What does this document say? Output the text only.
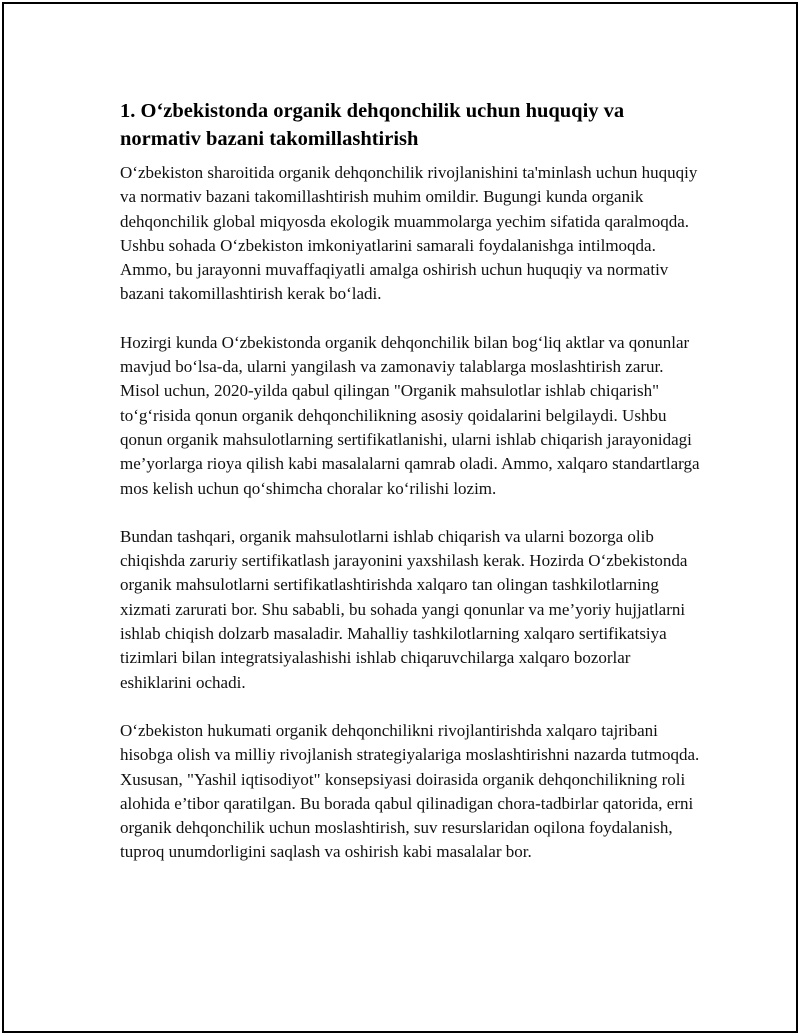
1. O‘zbekistonda organik dehqonchilik uchun huquqiy va normativ bazani takomillashtirish

O‘zbekiston sharoitida organik dehqonchilik rivojlanishini ta'minlash uchun huquqiy va normativ bazani takomillashtirish muhim omildir. Bugungi kunda organik dehqonchilik global miqyosda ekologik muammolarga yechim sifatida qaralmoqda. Ushbu sohada O‘zbekiston imkoniyatlarini samarali foydalanishga intilmoqda. Ammo, bu jarayonni muvaffaqiyatli amalga oshirish uchun huquqiy va normativ bazani takomillashtirish kerak bo‘ladi.

Hozirgi kunda O‘zbekistonda organik dehqonchilik bilan bog‘liq aktlar va qonunlar mavjud bo‘lsa-da, ularni yangilash va zamonaviy talablarga moslashtirish zarur. Misol uchun, 2020-yilda qabul qilingan "Organik mahsulotlar ishlab chiqarish" to‘g‘risida qonun organik dehqonchilikning asosiy qoidalarini belgilaydi. Ushbu qonun organik mahsulotlarning sertifikatlanishi, ularni ishlab chiqarish jarayonidagi me’yorlarga rioya qilish kabi masalalarni qamrab oladi. Ammo, xalqaro standartlarga mos kelish uchun qo‘shimcha choralar ko‘rilishi lozim.

Bundan tashqari, organik mahsulotlarni ishlab chiqarish va ularni bozorga olib chiqishda zaruriy sertifikatlash jarayonini yaxshilash kerak. Hozirda O‘zbekistonda organik mahsulotlarni sertifikatlashtirishda xalqaro tan olingan tashkilotlarning xizmati zarurati bor. Shu sababli, bu sohada yangi qonunlar va me’yoriy hujjatlarni ishlab chiqish dolzarb masaladir. Mahalliy tashkilotlarning xalqaro sertifikatsiya tizimlari bilan integratsiyalashishi ishlab chiqaruvchilarga xalqaro bozorlar eshiklarini ochadi.

O‘zbekiston hukumati organik dehqonchilikni rivojlantirishda xalqaro tajribani hisobga olish va milliy rivojlanish strategiyalariga moslashtirishni nazarda tutmoqda. Xususan, "Yashil iqtisodiyot" konsepsiyasi doirasida organik dehqonchilikning roli alohida e’tibor qaratilgan. Bu borada qabul qilinadigan chora-tadbirlar qatorida, erni organik dehqonchilik uchun moslashtirish, suv resurslaridan oqilona foydalanish, tuproq unumdorligini saqlash va oshirish kabi masalalar bor.
